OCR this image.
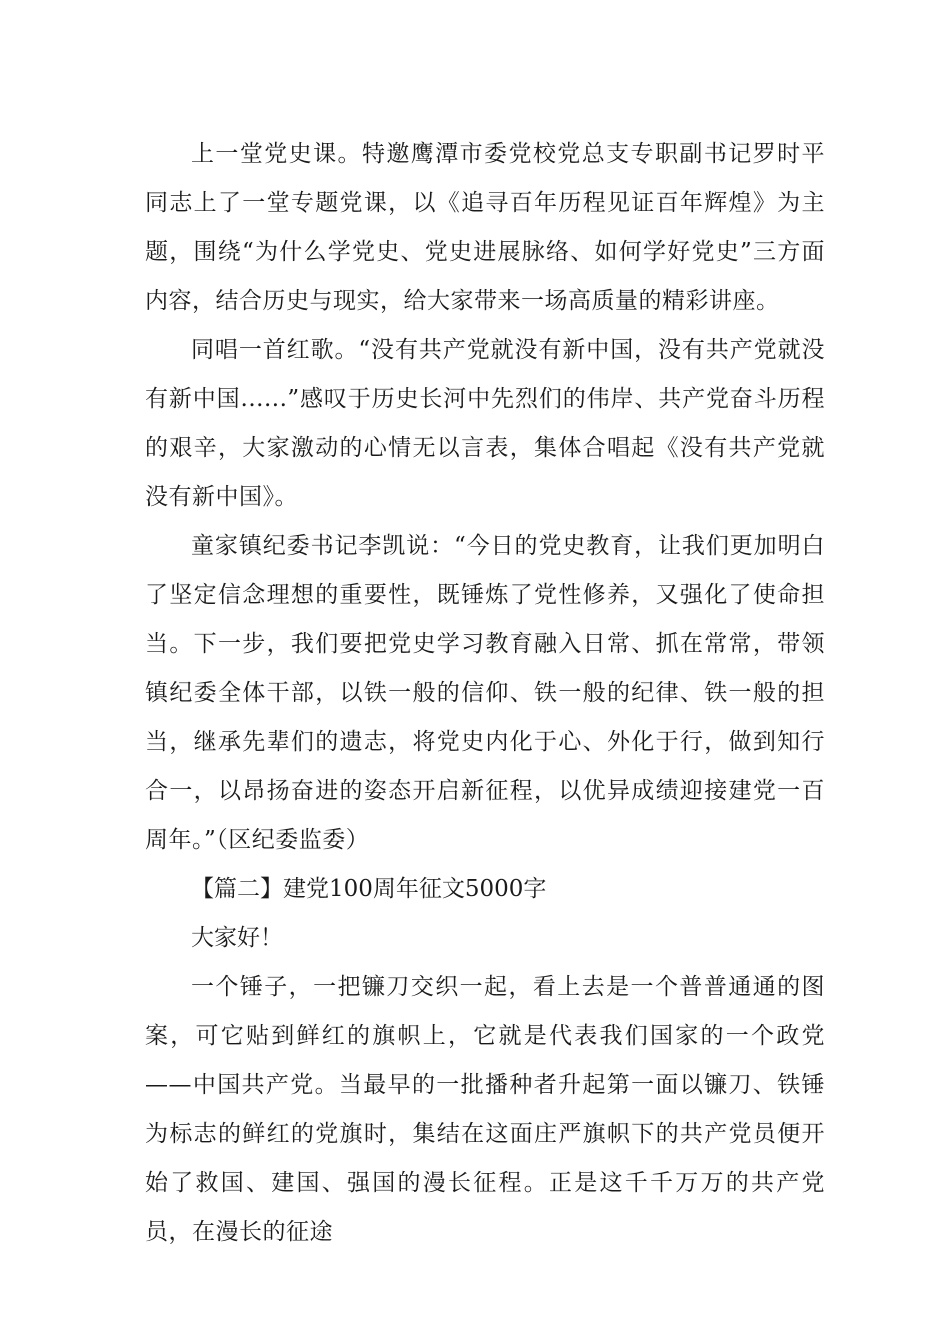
上一堂党史课。特邀鹰潭市委党校党总支专职副书记罗时平同志上了一堂专题党课，以《追寻百年历程见证百年辉煌》为主题，围绕“为什么学党史、党史进展脉络、如何学好党史”三方面内容，结合历史与现实，给大家带来一场高质量的精彩讲座。

同唱一首红歌。“没有共产党就没有新中国，没有共产党就没有新中国......”感叹于历史长河中先烈们的伟岸、共产党奋斗历程的艰辛，大家激动的心情无以言表，集体合唱起《没有共产党就没有新中国》。

童家镇纪委书记李凯说：“今日的党史教育，让我们更加明白了坚定信念理想的重要性，既锤炼了党性修养，又强化了使命担当。下一步，我们要把党史学习教育融入日常、抓在常常，带领镇纪委全体干部，以铁一般的信仰、铁一般的纪律、铁一般的担当，继承先辈们的遗志，将党史内化于心、外化于行，做到知行合一，以昂扬奋进的姿态开启新征程，以优异成绩迎接建党一百周年。”（区纪委监委）

【篇二】建党100周年征文5000字

大家好！

一个锤子，一把镰刀交织一起，看上去是一个普普通通的图案，可它贴到鲜红的旗帜上，它就是代表我们国家的一个政党——中国共产党。当最早的一批播种者升起第一面以镰刀、铁锤为标志的鲜红的党旗时，集结在这面庄严旗帜下的共产党员便开始了救国、建国、强国的漫长征程。正是这千千万万的共产党员，在漫长的征途
